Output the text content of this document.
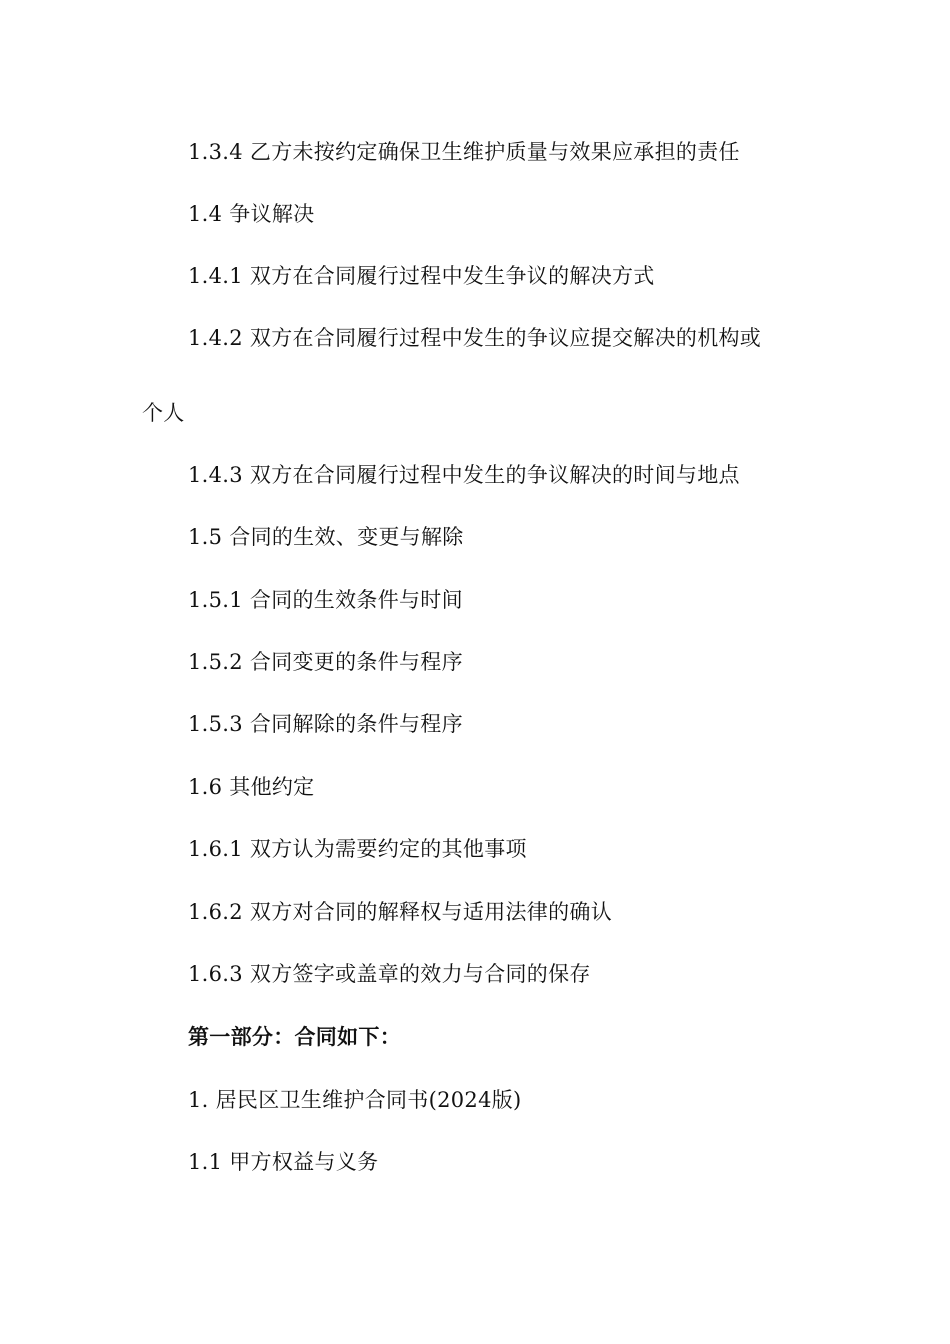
1.3.4 乙方未按约定确保卫生维护质量与效果应承担的责任
1.4 争议解决
1.4.1 双方在合同履行过程中发生争议的解决方式
1.4.2 双方在合同履行过程中发生的争议应提交解决的机构或
个人
1.4.3 双方在合同履行过程中发生的争议解决的时间与地点
1.5 合同的生效、变更与解除
1.5.1 合同的生效条件与时间
1.5.2 合同变更的条件与程序
1.5.3 合同解除的条件与程序
1.6 其他约定
1.6.1 双方认为需要约定的其他事项
1.6.2 双方对合同的解释权与适用法律的确认
1.6.3 双方签字或盖章的效力与合同的保存
第一部分：合同如下：
1. 居民区卫生维护合同书(2024版)
1.1 甲方权益与义务
